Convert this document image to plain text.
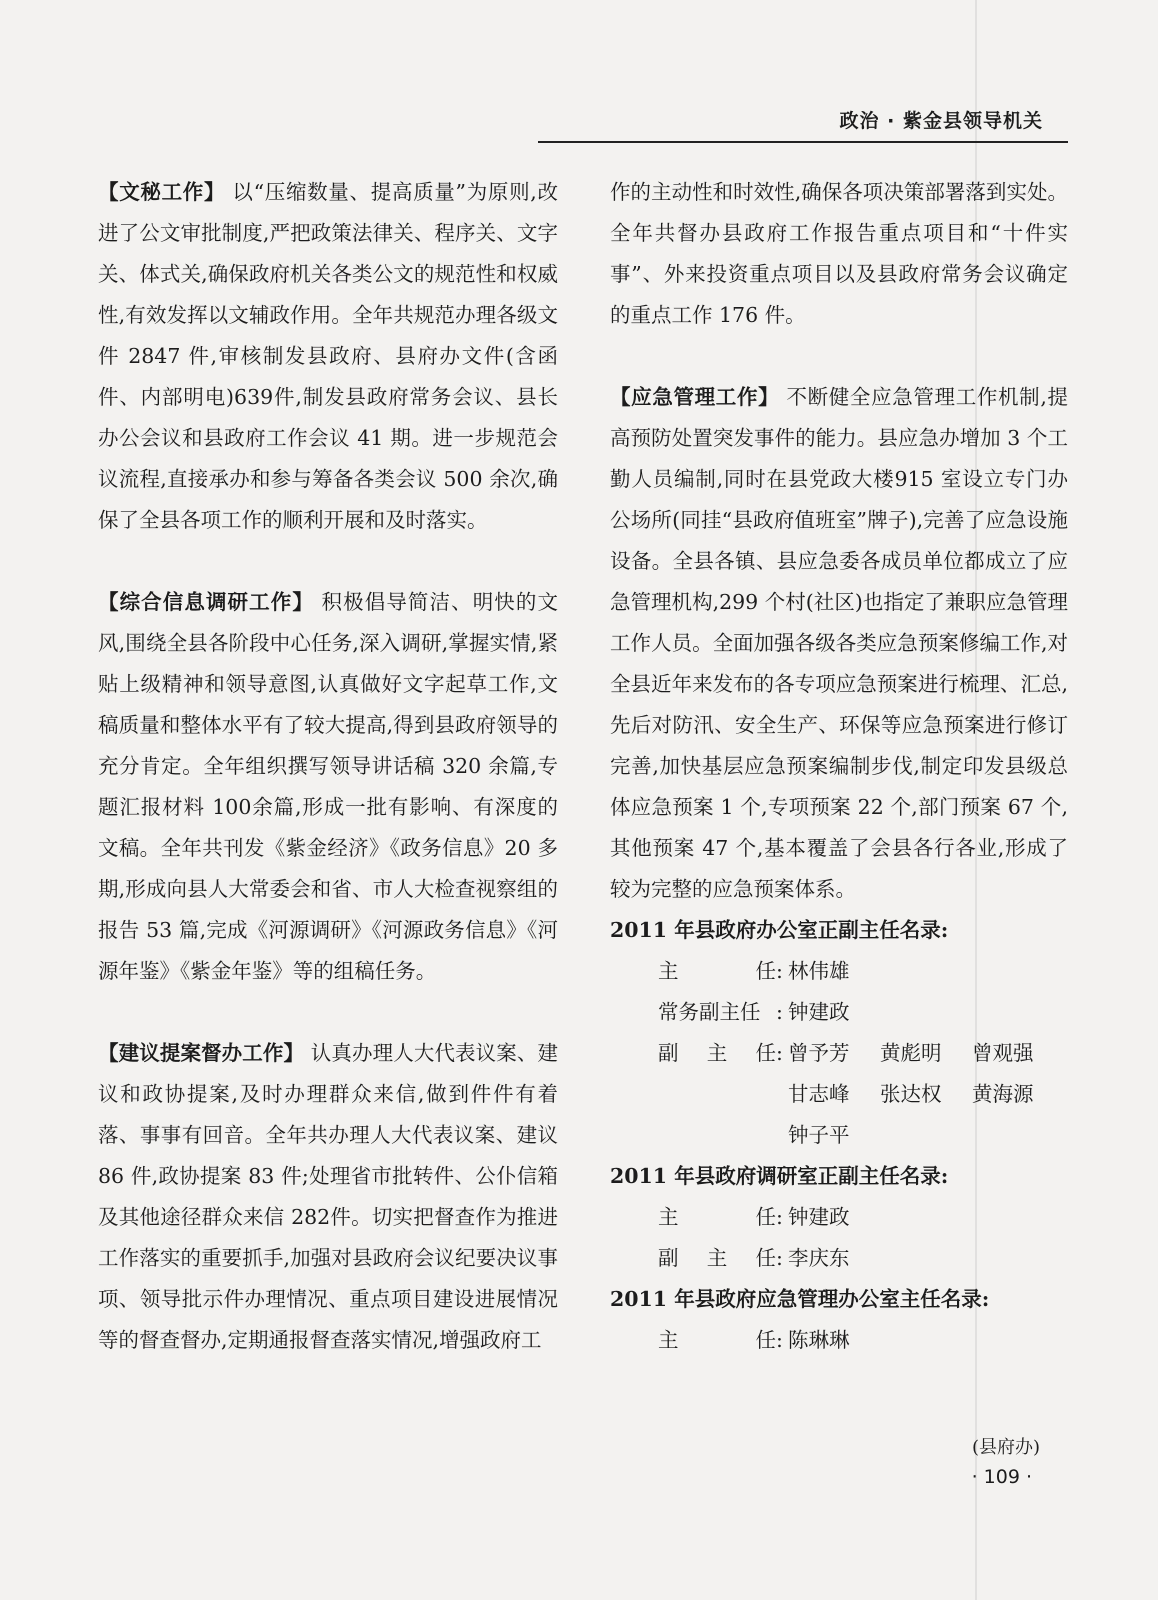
政治 · 紫金县领导机关

【文秘工作】 以“压缩数量、提高质量”为原则,改进了公文审批制度,严把政策法律关、程序关、文字关、体式关,确保政府机关各类公文的规范性和权威性,有效发挥以文辅政作用。全年共规范办理各级文件 2847 件,审核制发县政府、县府办文件(含函件、内部明电)639件,制发县政府常务会议、县长办公会议和县政府工作会议 41 期。进一步规范会议流程,直接承办和参与筹备各类会议 500 余次,确保了全县各项工作的顺利开展和及时落实。

【综合信息调研工作】 积极倡导简洁、明快的文风,围绕全县各阶段中心任务,深入调研,掌握实情,紧贴上级精神和领导意图,认真做好文字起草工作,文稿质量和整体水平有了较大提高,得到县政府领导的充分肯定。全年组织撰写领导讲话稿 320 余篇,专题汇报材料 100余篇,形成一批有影响、有深度的文稿。全年共刊发《紫金经济》《政务信息》20 多期,形成向县人大常委会和省、市人大检查视察组的报告 53 篇,完成《河源调研》《河源政务信息》《河源年鉴》《紫金年鉴》等的组稿任务。

【建议提案督办工作】 认真办理人大代表议案、建议和政协提案,及时办理群众来信,做到件件有着落、事事有回音。全年共办理人大代表议案、建议 86 件,政协提案 83 件;处理省市批转件、公仆信箱及其他途径群众来信 282件。切实把督查作为推进工作落实的重要抓手,加强对县政府会议纪要决议事项、领导批示件办理情况、重点项目建设进展情况等的督查督办,定期通报督查落实情况,增强政府工

作的主动性和时效性,确保各项决策部署落到实处。全年共督办县政府工作报告重点项目和“十件实事”、外来投资重点项目以及县政府常务会议确定的重点工作 176 件。

【应急管理工作】 不断健全应急管理工作机制,提高预防处置突发事件的能力。县应急办增加 3 个工勤人员编制,同时在县党政大楼915 室设立专门办公场所(同挂“县政府值班室”牌子),完善了应急设施设备。全县各镇、县应急委各成员单位都成立了应急管理机构,299 个村(社区)也指定了兼职应急管理工作人员。全面加强各级各类应急预案修编工作,对全县近年来发布的各专项应急预案进行梳理、汇总,先后对防汛、安全生产、环保等应急预案进行修订完善,加快基层应急预案编制步伐,制定印发县级总体应急预案 1 个,专项预案 22 个,部门预案 67 个,其他预案 47 个,基本覆盖了会县各行各业,形成了较为完整的应急预案体系。

2011 年县政府办公室正副主任名录:

主	任 : 林伟雄
常务副主任 : 钟建政
副 主 任 : 曾予芳	黄彪明	曾观强
甘志峰	张达权	黄海源
钟子平

2011 年县政府调研室正副主任名录:

主	任 : 钟建政
副 主 任 : 李庆东

2011 年县政府应急管理办公室主任名录:

主	任 : 陈琳琳
(县府办)
· 109 ·
